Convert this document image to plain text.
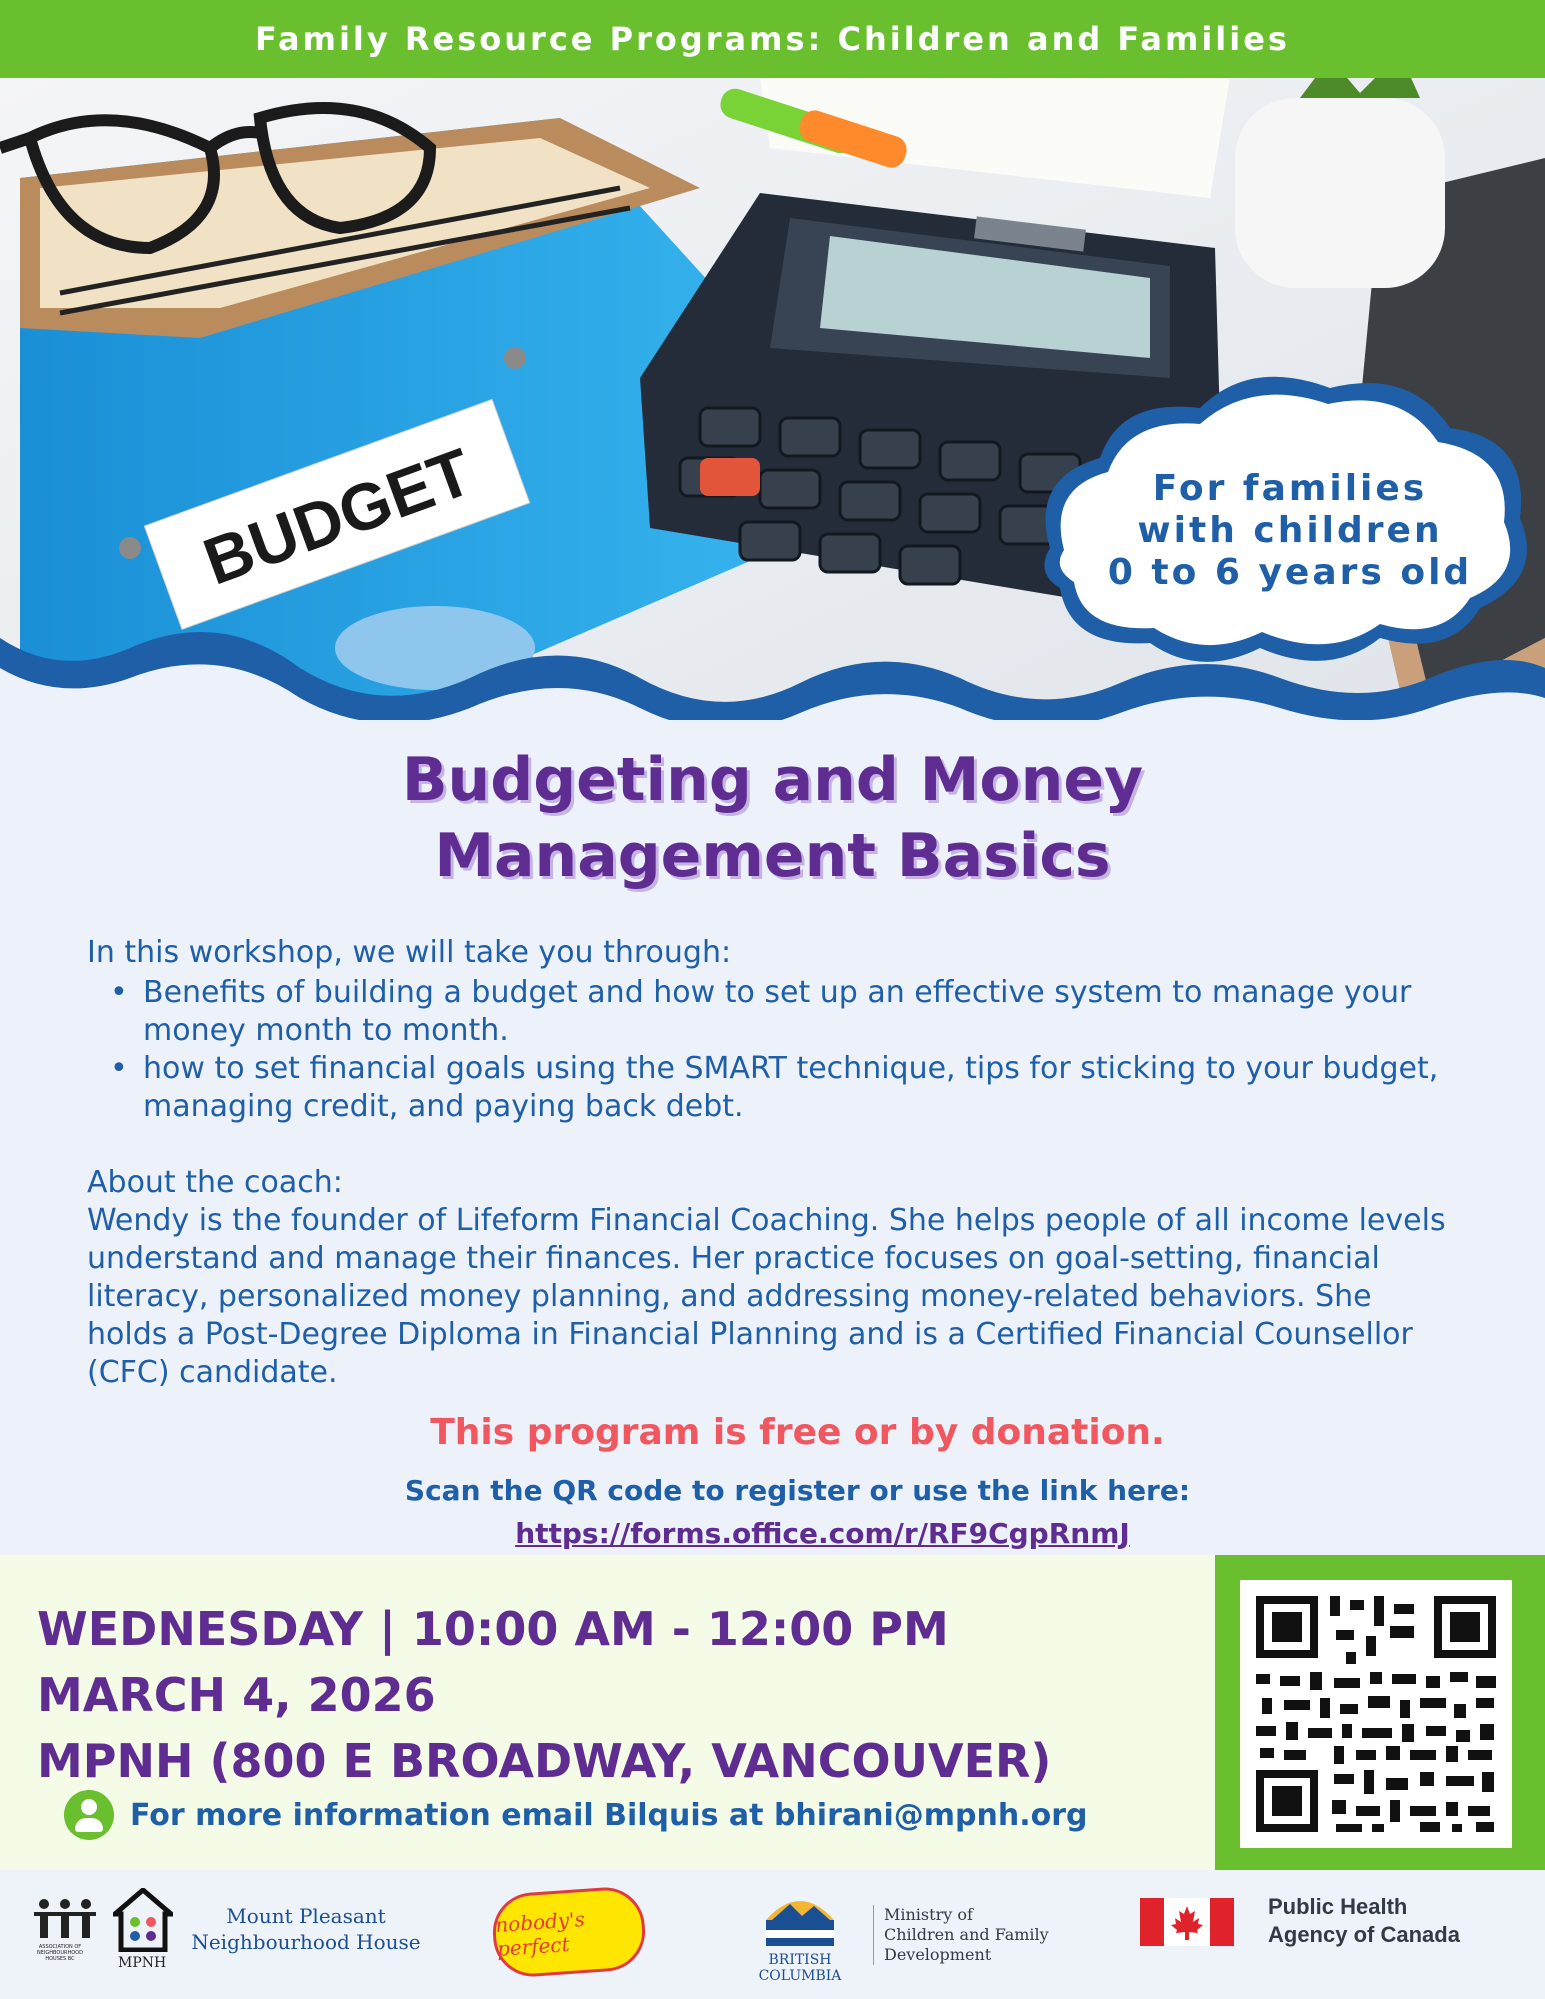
Family Resource Programs: Children and Families
BUDGET	For families
with children
0 to 6 years old
Budgeting and Money
Management Basics

In this workshop, we will take you through:

• Benefits of building a budget and how to set up an effective system to manage your money month to month.
• how to set financial goals using the SMART technique, tips for sticking to your budget, managing credit, and paying back debt.

About the coach:

Wendy is the founder of Lifeform Financial Coaching. She helps people of all income levels understand and manage their finances. Her practice focuses on goal-setting, financial literacy, personalized money planning, and addressing money-related behaviors. She holds a Post-Degree Diploma in Financial Planning and is a Certified Financial Counsellor (CFC) candidate.

This program is free or by donation.

Scan the QR code to register or use the link here:

https://forms.office.com/r/RF9CgpRnmJ
WEDNESDAY | 10:00 AM - 12:00 PM
MARCH 4, 2026
MPNH (800 E BROADWAY, VANCOUVER)
For more information email Bilquis at bhirani@mpnh.org
ASSOCIATION OF NEIGHBOURHOOD HOUSES BC	MPNH
Mount Pleasant
Neighbourhood House
nobody's perfect	BRITISH
COLUMBIA
Ministry of
Children and Family
Development
Public Health
Agency of Canada
